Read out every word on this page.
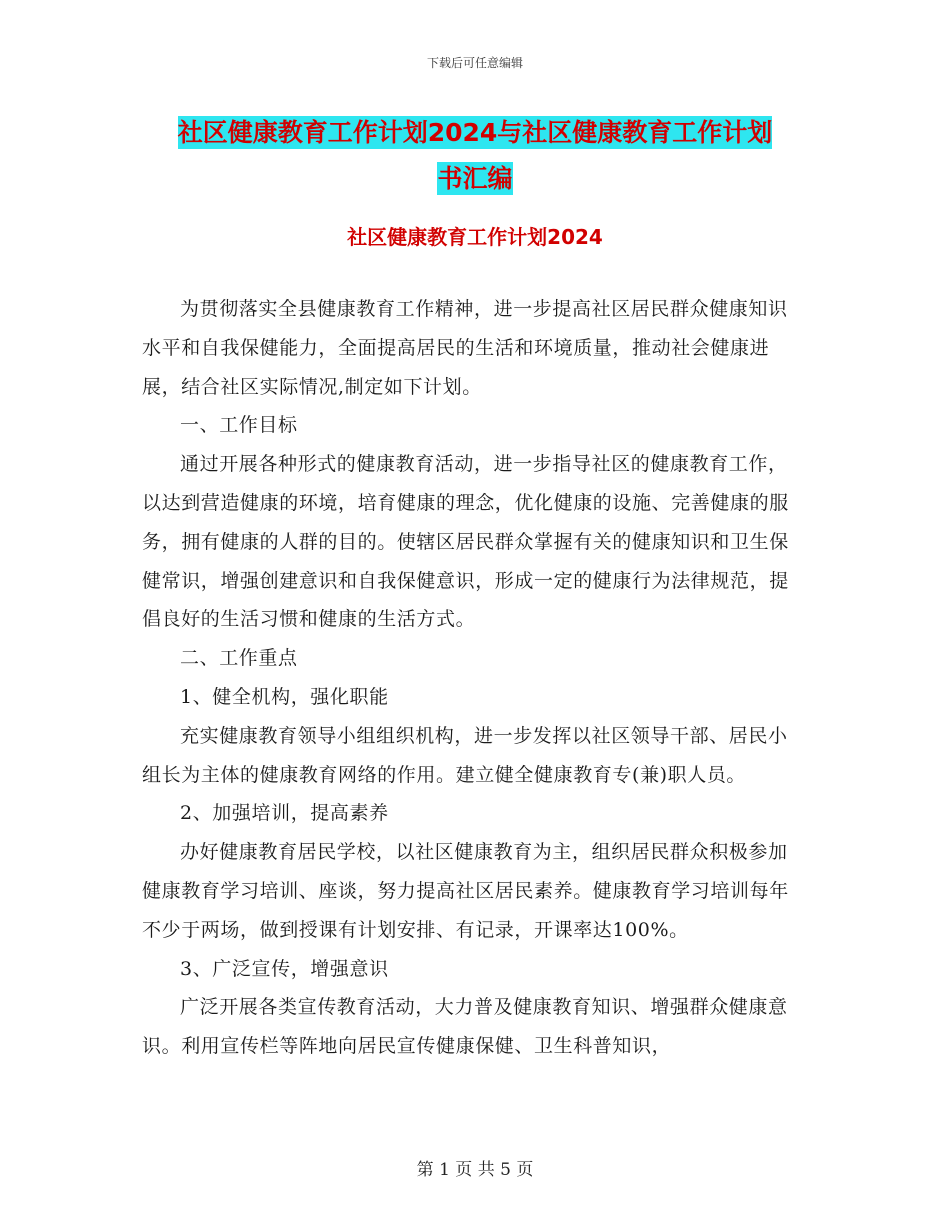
下载后可任意编辑
社区健康教育工作计划2024与社区健康教育工作计划
书汇编
社区健康教育工作计划2024

为贯彻落实全县健康教育工作精神，进一步提高社区居民群众健康知识水平和自我保健能力，全面提高居民的生活和环境质量，推动社会健康进展，结合社区实际情况,制定如下计划。

一、工作目标

通过开展各种形式的健康教育活动，进一步指导社区的健康教育工作，以达到营造健康的环境，培育健康的理念，优化健康的设施、完善健康的服务，拥有健康的人群的目的。使辖区居民群众掌握有关的健康知识和卫生保健常识，增强创建意识和自我保健意识，形成一定的健康行为法律规范，提倡良好的生活习惯和健康的生活方式。

二、工作重点

1、健全机构，强化职能

充实健康教育领导小组组织机构，进一步发挥以社区领导干部、居民小组长为主体的健康教育网络的作用。建立健全健康教育专(兼)职人员。

2、加强培训，提高素养

办好健康教育居民学校，以社区健康教育为主，组织居民群众积极参加健康教育学习培训、座谈，努力提高社区居民素养。健康教育学习培训每年不少于两场，做到授课有计划安排、有记录，开课率达100%。

3、广泛宣传，增强意识

广泛开展各类宣传教育活动，大力普及健康教育知识、增强群众健康意识。利用宣传栏等阵地向居民宣传健康保健、卫生科普知识，

第 1 页 共 5 页
